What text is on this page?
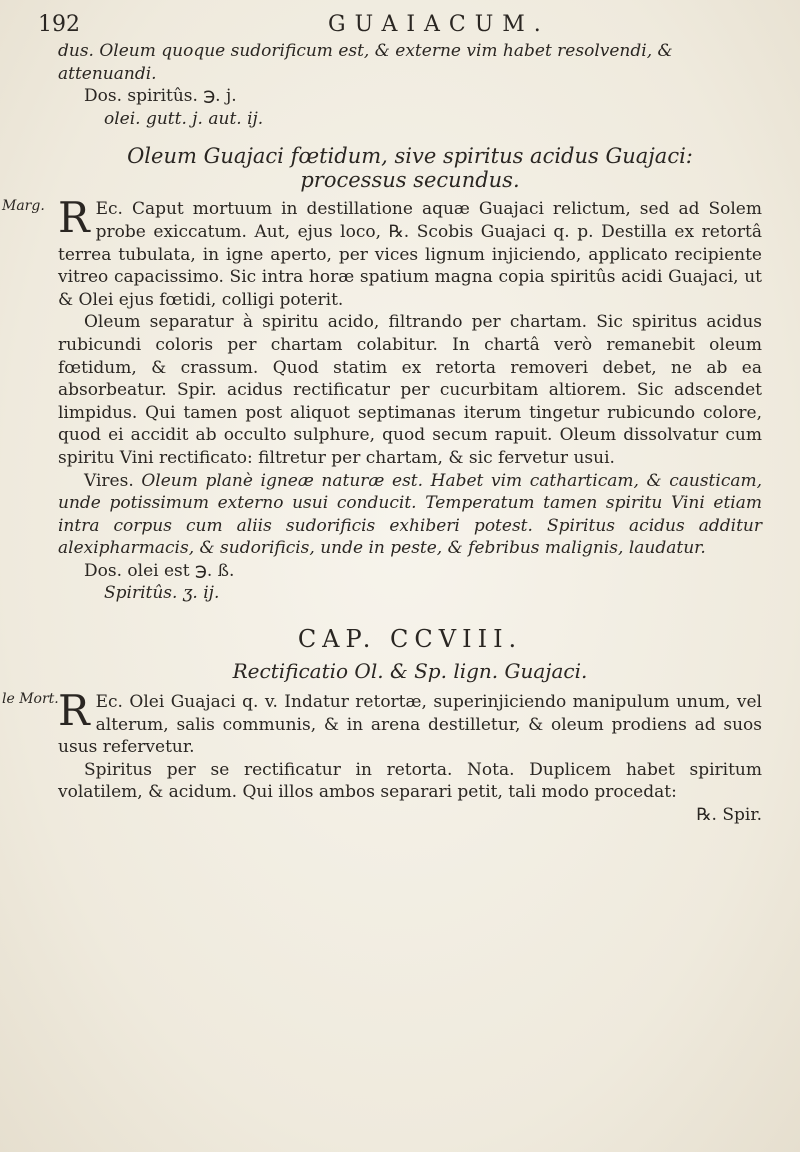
192	GUAIACUM.

dus. Oleum quoque sudorificum est, & externe vim habet resolvendi, &

attenuandi.

Dos. spiritûs. ℈. j.

olei. gutt. j. aut. ij.

Oleum Guajaci fœtidum, sive spiritus acidus Guajaci:
processus secundus.
Marg. R Ec. Caput mortuum in destillatione aquæ Guajaci relictum, sed ad Solem probe exiccatum. Aut, ejus loco, ℞. Scobis Guajaci q. p. Destilla ex retortâ terrea tubulata, in igne aperto, per vices lignum injiciendo, applicato recipiente vitreo capacissimo. Sic intra horæ spatium magna copia spiritûs acidi Guajaci, ut & Olei ejus fœtidi, colligi poterit.

Oleum separatur à spiritu acido, filtrando per chartam. Sic spiritus acidus rubicundi coloris per chartam colabitur. In chartâ verò remanebit oleum fœtidum, & crassum. Quod statim ex retorta removeri debet, ne ab ea absorbeatur. Spir. acidus rectificatur per cucurbitam altiorem. Sic adscendet limpidus. Qui tamen post aliquot septimanas iterum tingetur rubicundo colore, quod ei accidit ab occulto sulphure, quod secum rapuit. Oleum dissolvatur cum spiritu Vini rectificato: filtretur per chartam, & sic fervetur usui.

Vires. Oleum planè igneæ naturæ est. Habet vim catharticam, & causticam, unde potissimum externo usui conducit. Temperatum tamen spiritu Vini etiam intra corpus cum aliis sudorificis exhiberi potest. Spiritus acidus additur alexipharmacis, & sudorificis, unde in peste, & febribus malignis, laudatur.

Dos. olei est ℈. ß.

Spiritûs. ʒ. ij.

CAP. CCVIII.
Rectificatio Ol. & Sp. lign. Guajaci.
le Mort. R Ec. Olei Guajaci q. v. Indatur retortæ, superinjiciendo manipulum unum, vel alterum, salis communis, & in arena destilletur, & oleum prodiens ad suos usus refervetur.

Spiritus per se rectificatur in retorta. Nota. Duplicem habet spiritum volatilem, & acidum. Qui illos ambos separari petit, tali modo procedat:

℞. Spir.
